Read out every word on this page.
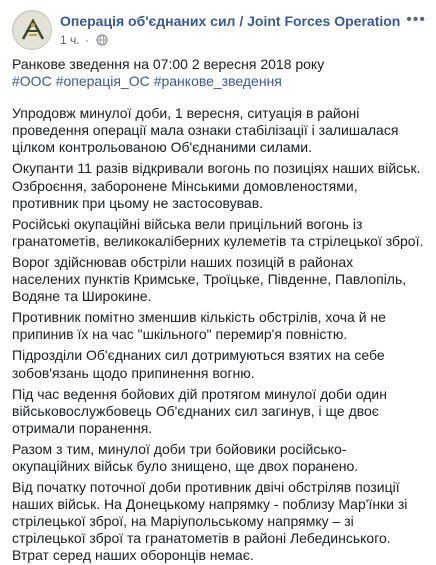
Операція об'єднаних сил / Joint Forces Operation
1 ч. ·
•••

Ранкове зведення на 07:00 2 вересня 2018 року

#ООС #операція_ОС #ранкове_зведення

Упродовж минулої доби, 1 вересня, ситуація в районі проведення операції мала ознаки стабілізації і залишалася цілком контрольованою Об'єднаними силами.

Окупанти 11 разів відкривали вогонь по позиціях наших військ. Озброєння, заборонене Мінськими домовленостями, противник при цьому не застосовував.

Російські окупаційні війська вели прицільний вогонь із гранатометів, великокаліберних кулеметів та стрілецької зброї.

Ворог здійснював обстріли наших позицій в районах населених пунктів Кримське, Троїцьке, Південне, Павлопіль, Водяне та Широкине.

Противник помітно зменшив кількість обстрілів, хоча й не припинив їх на час "шкільного" перемир'я повністю.

Підрозділи Об'єднаних сил дотримуються взятих на себе зобов'язань щодо припинення вогню.

Під час ведення бойових дій протягом минулої доби один військовослужбовець Об'єднаних сил загинув, і ще двоє отримали поранення.

Разом з тим, минулої доби три бойовики російсько-окупаційних військ було знищено, ще двох поранено.

Від початку поточної доби противник двічі обстріляв позиції наших військ. На Донецькому напрямку - поблизу Мар'їнки зі стрілецької зброї, на Маріупольському напрямку – зі стрілецької зброї та гранатометів в районі Лебединського. Втрат серед наших оборонців немає.
